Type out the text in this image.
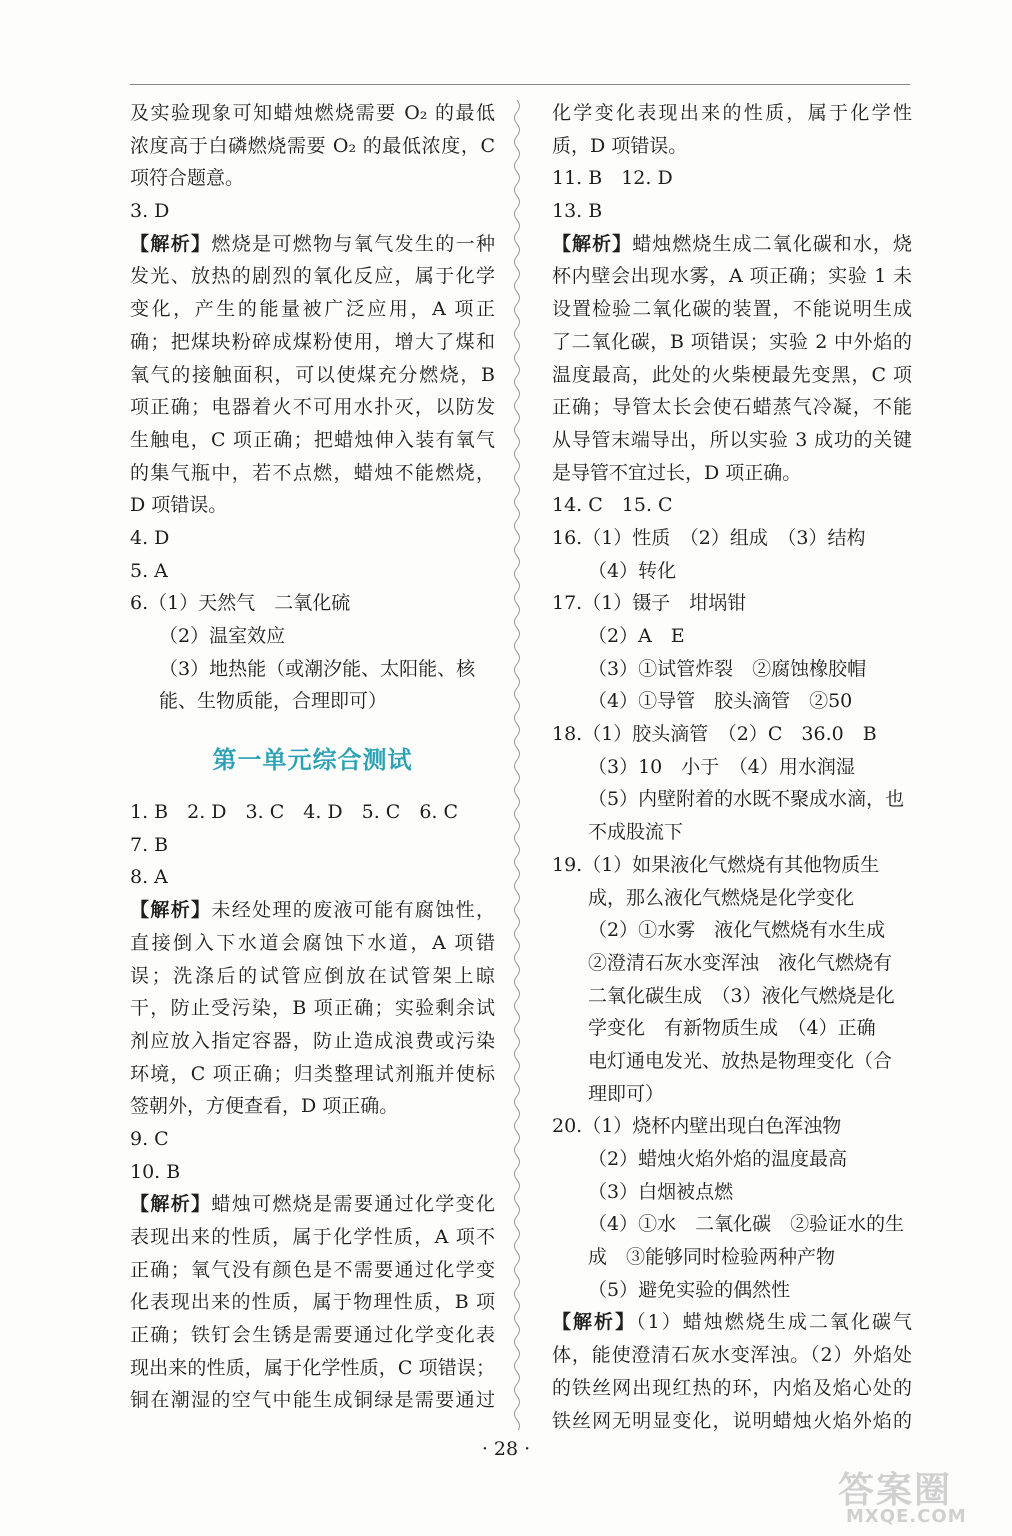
及实验现象可知蜡烛燃烧需要 O₂ 的最低
浓度高于白磷燃烧需要 O₂ 的最低浓度，C
项符合题意。
3. D
【解析】燃烧是可燃物与氧气发生的一种
发光、放热的剧烈的氧化反应，属于化学
变化，产生的能量被广泛应用，A 项正
确；把煤块粉碎成煤粉使用，增大了煤和
氧气的接触面积，可以使煤充分燃烧，B
项正确；电器着火不可用水扑灭，以防发
生触电，C 项正确；把蜡烛伸入装有氧气
的集气瓶中，若不点燃，蜡烛不能燃烧，
D 项错误。
4. D
5. A
6.（1）天然气　二氧化硫
（2）温室效应
（3）地热能（或潮汐能、太阳能、核
能、生物质能，合理即可）
第一单元综合测试
1. B　2. D　3. C　4. D　5. C　6. C
7. B
8. A
【解析】未经处理的废液可能有腐蚀性，
直接倒入下水道会腐蚀下水道，A 项错
误；洗涤后的试管应倒放在试管架上晾
干，防止受污染，B 项正确；实验剩余试
剂应放入指定容器，防止造成浪费或污染
环境，C 项正确；归类整理试剂瓶并使标
签朝外，方便查看，D 项正确。
9. C
10. B
【解析】蜡烛可燃烧是需要通过化学变化
表现出来的性质，属于化学性质，A 项不
正确；氧气没有颜色是不需要通过化学变
化表现出来的性质，属于物理性质，B 项
正确；铁钉会生锈是需要通过化学变化表
现出来的性质，属于化学性质，C 项错误；
铜在潮湿的空气中能生成铜绿是需要通过
化学变化表现出来的性质，属于化学性
质，D 项错误。
11. B　12. D
13. B
【解析】蜡烛燃烧生成二氧化碳和水，烧
杯内壁会出现水雾，A 项正确；实验 1 未
设置检验二氧化碳的装置，不能说明生成
了二氧化碳，B 项错误；实验 2 中外焰的
温度最高，此处的火柴梗最先变黑，C 项
正确；导管太长会使石蜡蒸气冷凝，不能
从导管末端导出，所以实验 3 成功的关键
是导管不宜过长，D 项正确。
14. C　15. C
16.（1）性质　（2）组成　（3）结构
（4）转化
17.（1）镊子　坩埚钳
（2）A　E
（3）①试管炸裂　②腐蚀橡胶帽
（4）①导管　胶头滴管　②50
18.（1）胶头滴管　（2）C　36.0　B
（3）10　小于　（4）用水润湿
（5）内壁附着的水既不聚成水滴，也
不成股流下
19.（1）如果液化气燃烧有其他物质生
成，那么液化气燃烧是化学变化
（2）①水雾　液化气燃烧有水生成
②澄清石灰水变浑浊　液化气燃烧有
二氧化碳生成　（3）液化气燃烧是化
学变化　有新物质生成　（4）正确
电灯通电发光、放热是物理变化（合
理即可）
20.（1）烧杯内壁出现白色浑浊物
（2）蜡烛火焰外焰的温度最高
（3）白烟被点燃
（4）①水　二氧化碳　②验证水的生
成　③能够同时检验两种产物
（5）避免实验的偶然性
【解析】（1）蜡烛燃烧生成二氧化碳气
体，能使澄清石灰水变浑浊。（2）外焰处
的铁丝网出现红热的环，内焰及焰心处的
铁丝网无明显变化，说明蜡烛火焰外焰的
· 28 ·
答案圈
MXQE.COM
